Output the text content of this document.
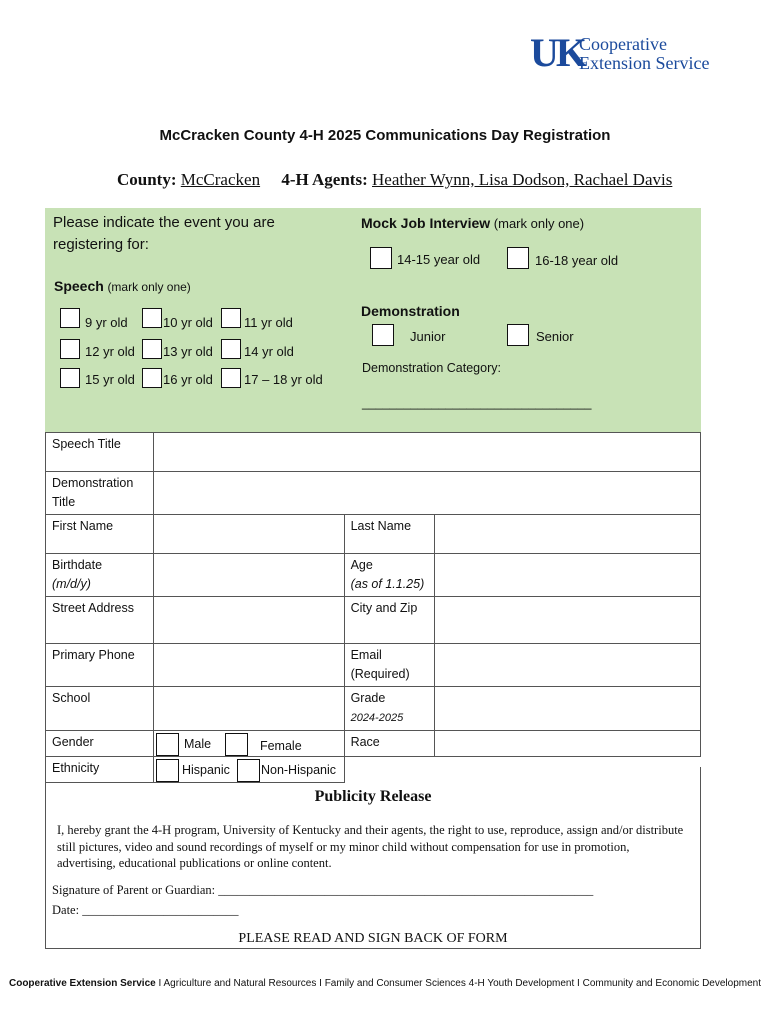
UK
Cooperative
Extension Service
McCracken County 4-H 2025 Communications Day Registration
County: McCracken 4-H Agents: Heather Wynn, Lisa Dodson, Rachael Davis
Please indicate the event you are registering for:
Speech (mark only one)
9 yr old	10 yr old 11 yr old
12 yr old 13 yr old 14 yr old
15 yr old 16 yr old 17 – 18 yr old
Mock Job Interview (mark only one)
14-15 year old	16-18 year old
Demonstration
Junior	Senior
Demonstration Category:
_________________________________
Speech Title			
Demonstration Title			
First Name		Last Name	
Birthdate
(m/d/y)		Age
(as of 1.1.25)	
Street Address		City and Zip	
Primary Phone		Email (Required)	
School		Grade
2024-2025	
Gender	Male Female	Race	
Ethnicity	Hispanic Non-Hispanic		

Publicity Release
I, hereby grant the 4-H program, University of Kentucky and their agents, the right to use, reproduce, assign and/or distribute still pictures, video and sound recordings of myself or my minor child without compensation for use in promotion, advertising, educational publications or online content.
Signature of Parent or Guardian: ____________________________________________________________
Date: _________________________
PLEASE READ AND SIGN BACK OF FORM
Cooperative Extension Service I Agriculture and Natural Resources I Family and Consumer Sciences 4-H Youth Development I Community and Economic Development
